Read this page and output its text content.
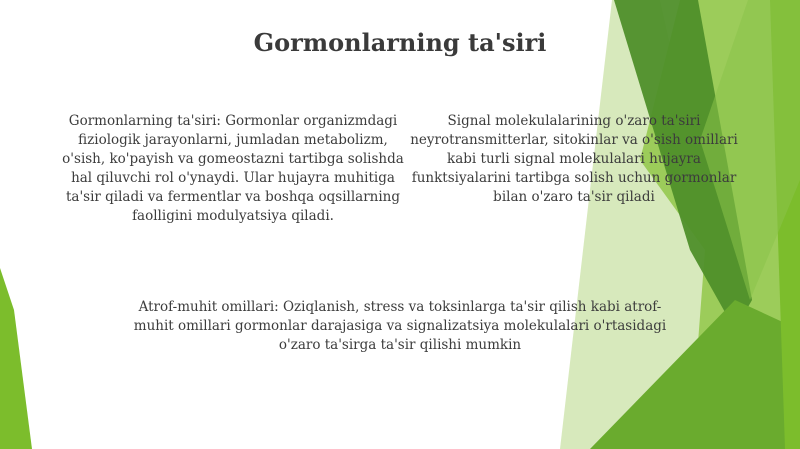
Gormonlarning ta'siri

Gormonlarning ta'siri: Gormonlar organizmdagi fiziologik jarayonlarni, jumladan metabolizm, o'sish, ko'payish va gomeostazni tartibga solishda hal qiluvchi rol o'ynaydi. Ular hujayra muhitiga ta'sir qiladi va fermentlar va boshqa oqsillarning faolligini modulyatsiya qiladi.

Signal molekulalarining o'zaro ta'siri neyrotransmitterlar, sitokinlar va o'sish omillari kabi turli signal molekulalari hujayra funktsiyalarini tartibga solish uchun gormonlar bilan o'zaro ta'sir qiladi

Atrof-muhit omillari: Oziqlanish, stress va toksinlarga ta'sir qilish kabi atrof-muhit omillari gormonlar darajasiga va signalizatsiya molekulalari o'rtasidagi o'zaro ta'sirga ta'sir qilishi mumkin
